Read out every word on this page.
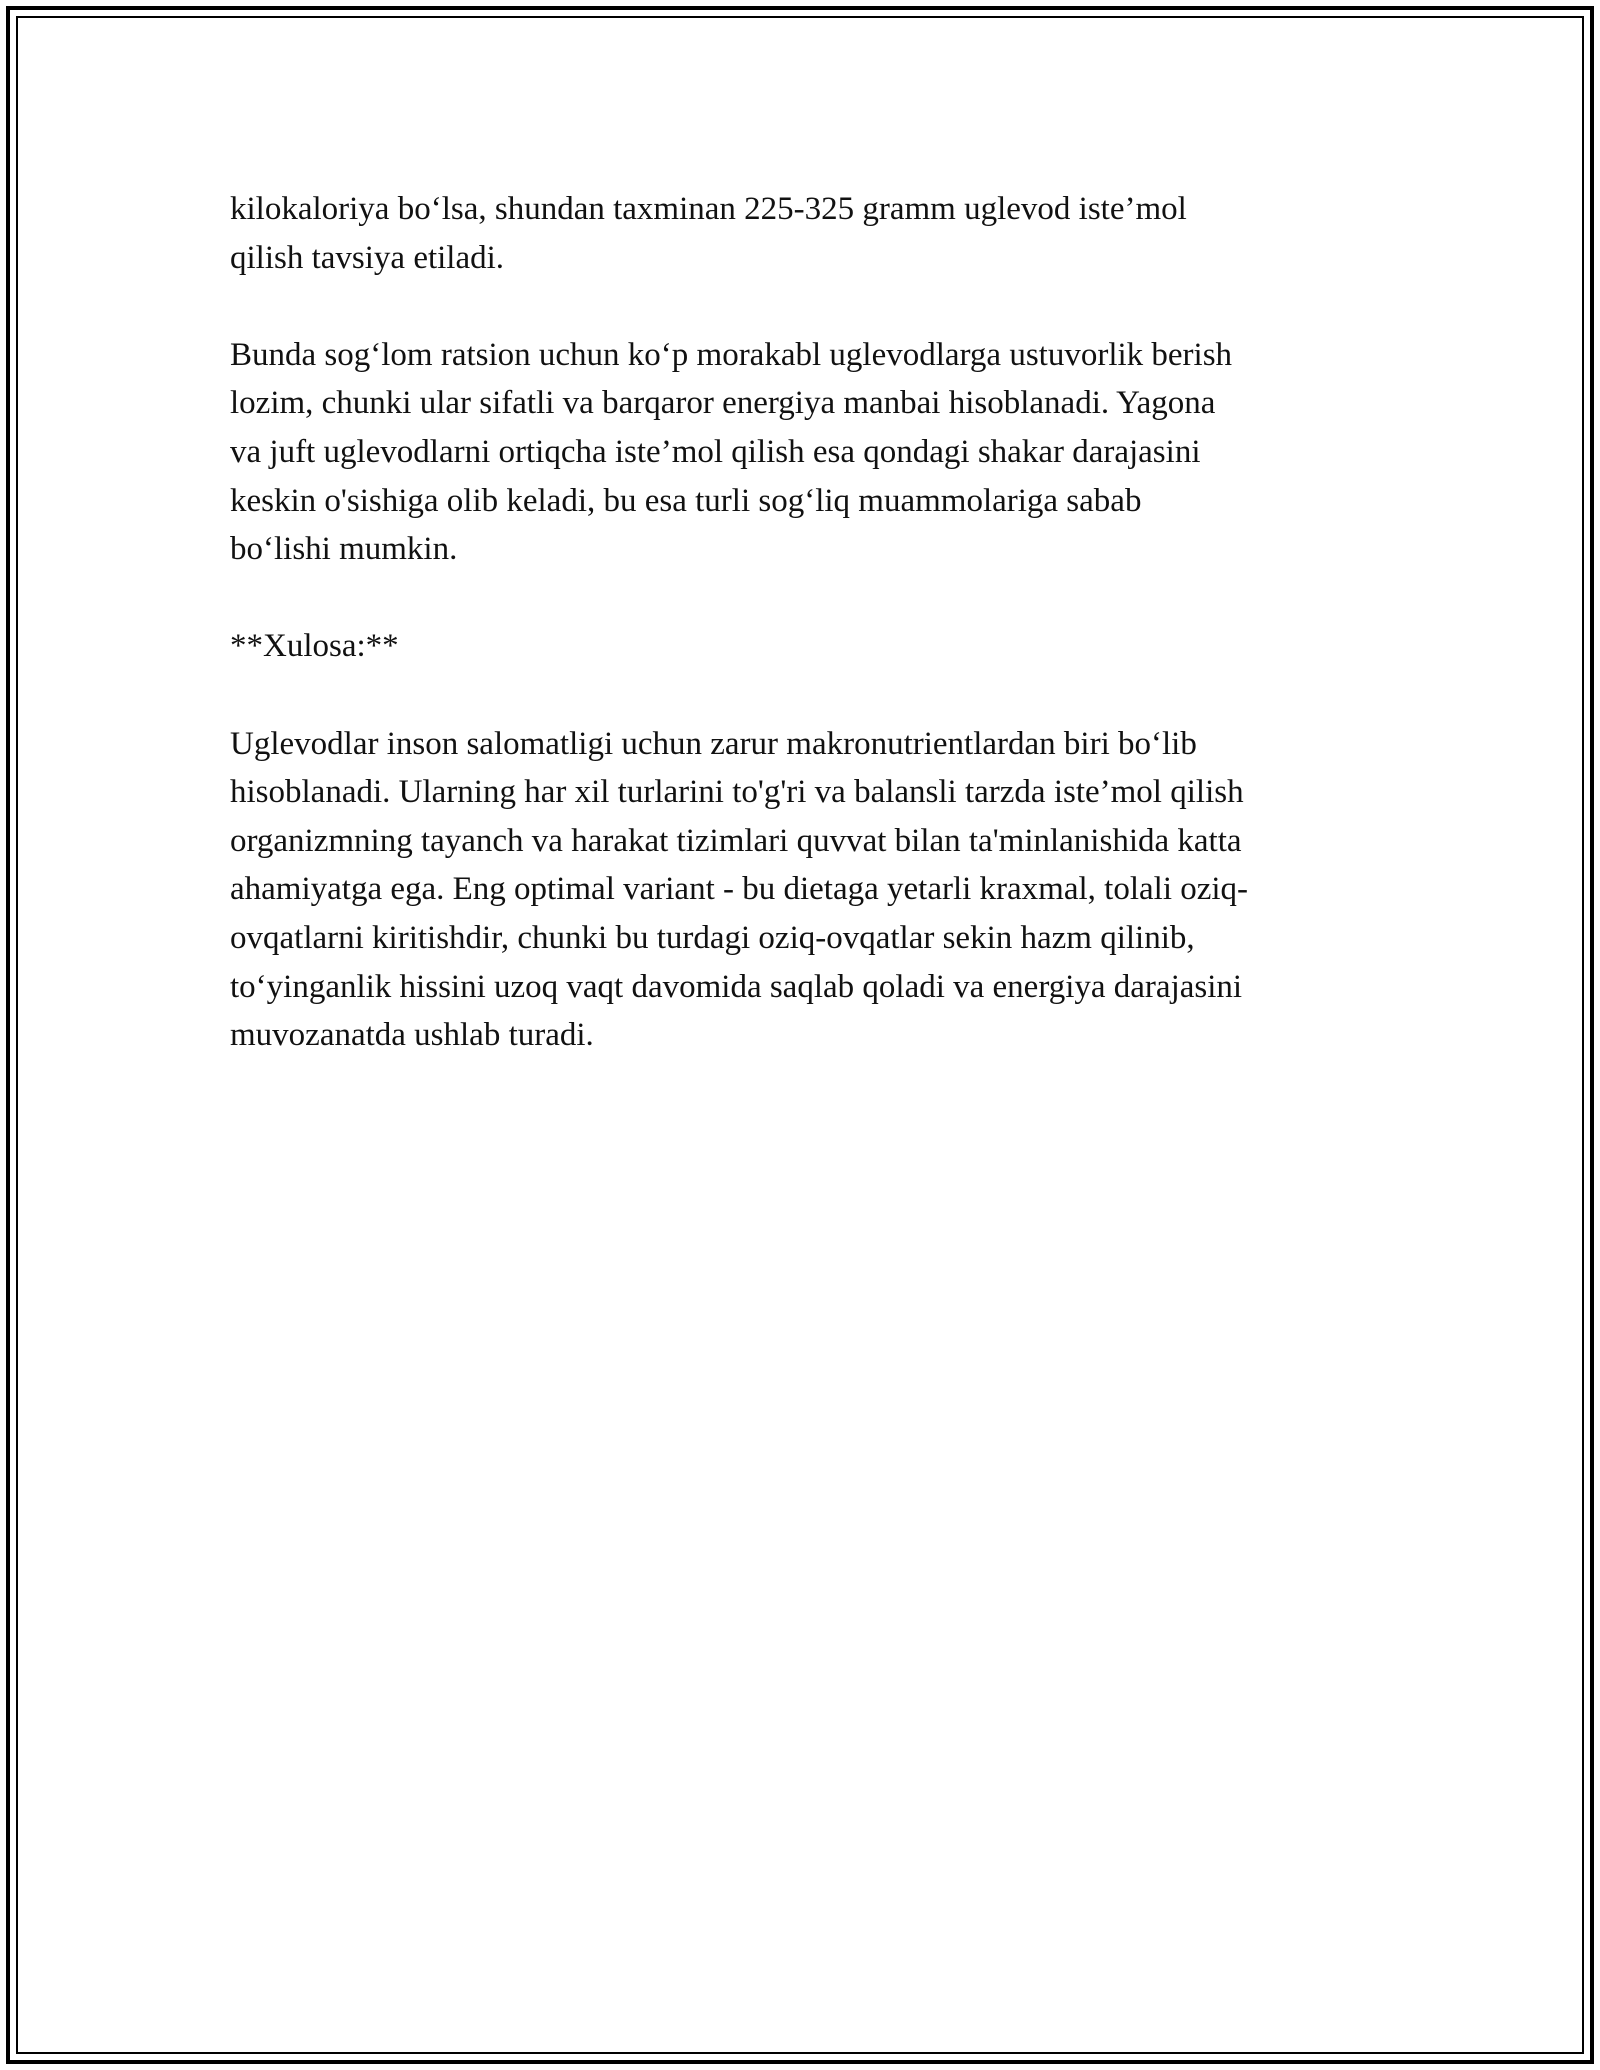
kilokaloriya bo‘lsa, shundan taxminan 225-325 gramm uglevod iste’mol
qilish tavsiya etiladi.

Bunda sog‘lom ratsion uchun ko‘p morakabl uglevodlarga ustuvorlik berish
lozim, chunki ular sifatli va barqaror energiya manbai hisoblanadi. Yagona
va juft uglevodlarni ortiqcha iste’mol qilish esa qondagi shakar darajasini
keskin o'sishiga olib keladi, bu esa turli sog‘liq muammolariga sabab
bo‘lishi mumkin.

**Xulosa:**

Uglevodlar inson salomatligi uchun zarur makronutrientlardan biri bo‘lib
hisoblanadi. Ularning har xil turlarini to'g'ri va balansli tarzda iste’mol qilish
organizmning tayanch va harakat tizimlari quvvat bilan ta'minlanishida katta
ahamiyatga ega. Eng optimal variant - bu dietaga yetarli kraxmal, tolali oziq-
ovqatlarni kiritishdir, chunki bu turdagi oziq-ovqatlar sekin hazm qilinib,
to‘yinganlik hissini uzoq vaqt davomida saqlab qoladi va energiya darajasini
muvozanatda ushlab turadi.
